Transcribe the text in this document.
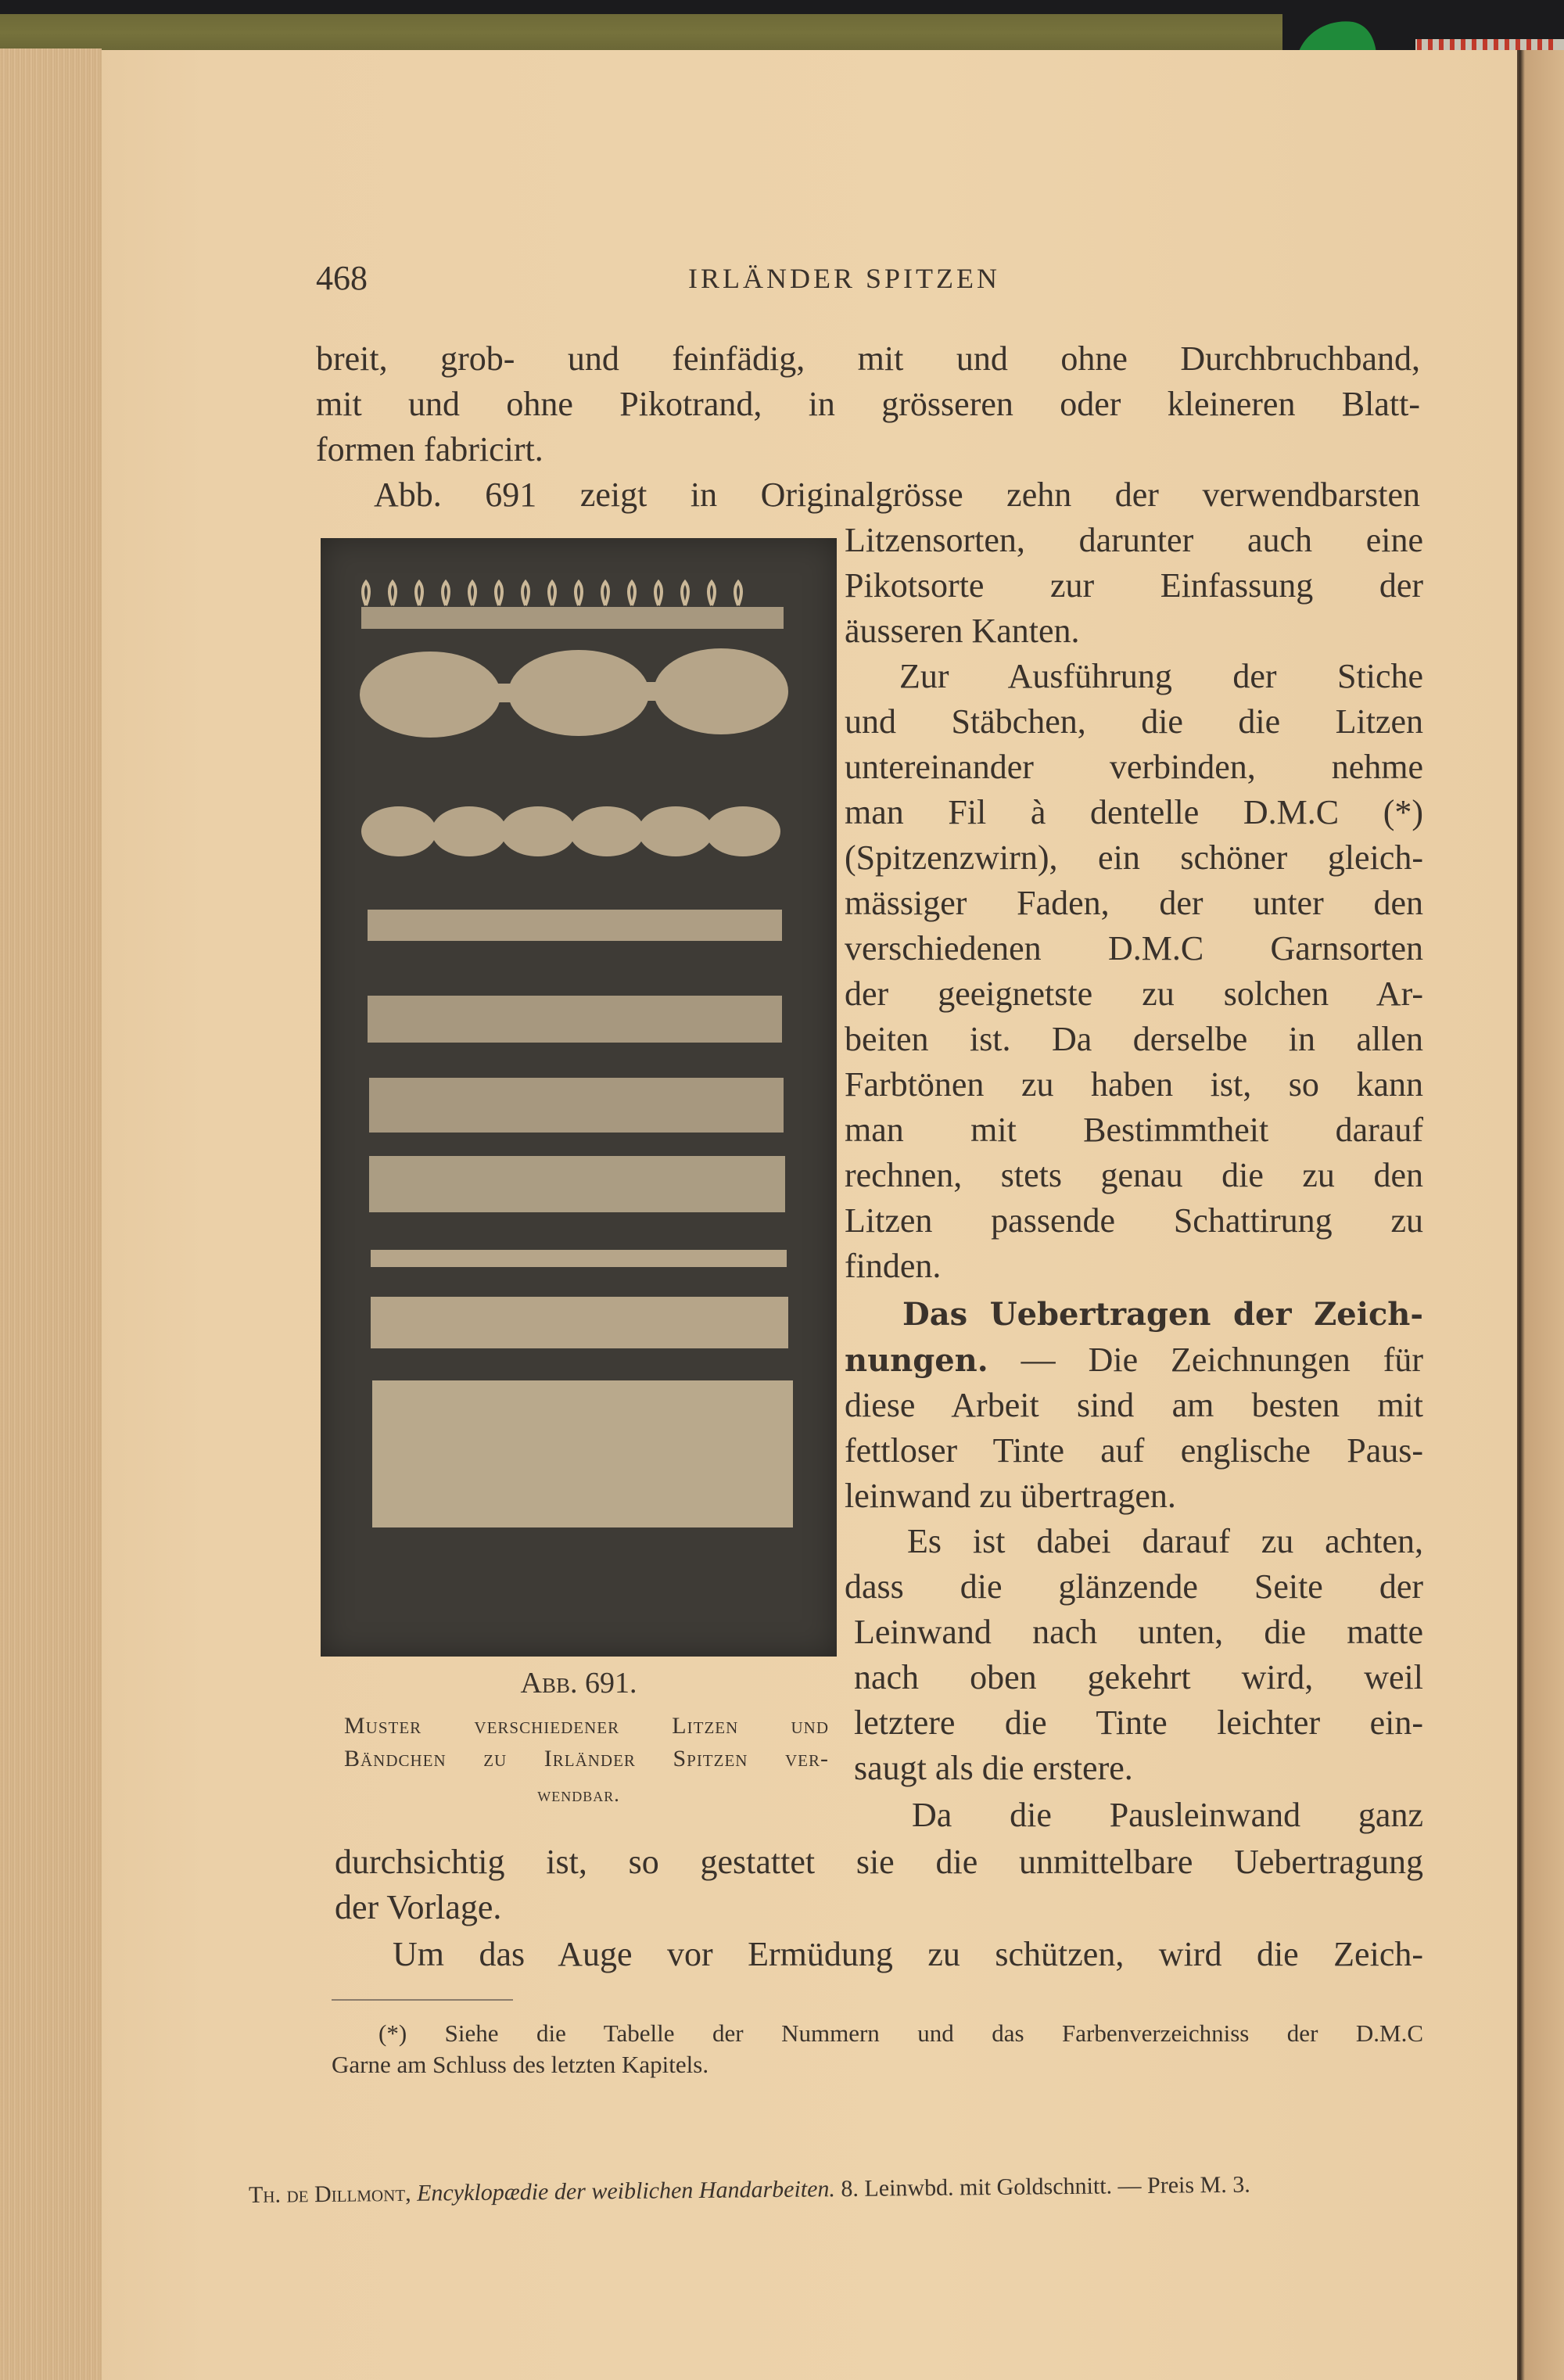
468	IRLÄNDER SPITZEN
breit, grob- und feinfädig, mit und ohne Durchbruchband,
mit und ohne Pikotrand, in grösseren oder kleineren Blatt-
formen fabricirt.
Abb. 691 zeigt in Originalgrösse zehn der verwendbarsten
Abb. 691.
Muster verschiedener Litzen und
Bändchen zu Irländer Spitzen ver-
wendbar.
Litzensorten, darunter auch eine
Pikotsorte zur Einfassung der
äusseren Kanten.
Zur Ausführung der Stiche
und Stäbchen, die die Litzen
untereinander verbinden, nehme
man Fil à dentelle D.M.C (*)
(Spitzenzwirn), ein schöner gleich-
mässiger Faden, der unter den
verschiedenen D.M.C Garnsorten
der geeignetste zu solchen Ar-
beiten ist. Da derselbe in allen
Farbtönen zu haben ist, so kann
man mit Bestimmtheit darauf
rechnen, stets genau die zu den
Litzen passende Schattirung zu
finden.
Das Uebertragen der Zeich-
nungen. — Die Zeichnungen für
diese Arbeit sind am besten mit
fettloser Tinte auf englische Paus-
leinwand zu übertragen.
Es ist dabei darauf zu achten,
dass die glänzende Seite der
Leinwand nach unten, die matte
nach oben gekehrt wird, weil
letztere die Tinte leichter ein-
saugt als die erstere.
Da die Pausleinwand ganz
durchsichtig ist, so gestattet sie die unmittelbare Uebertragung
der Vorlage.
Um das Auge vor Ermüdung zu schützen, wird die Zeich-
(*) Siehe die Tabelle der Nummern und das Farbenverzeichniss der D.M.C
Garne am Schluss des letzten Kapitels.
Th. de Dillmont, Encyklopædie der weiblichen Handarbeiten. 8. Leinwbd. mit Goldschnitt. — Preis M. 3.
